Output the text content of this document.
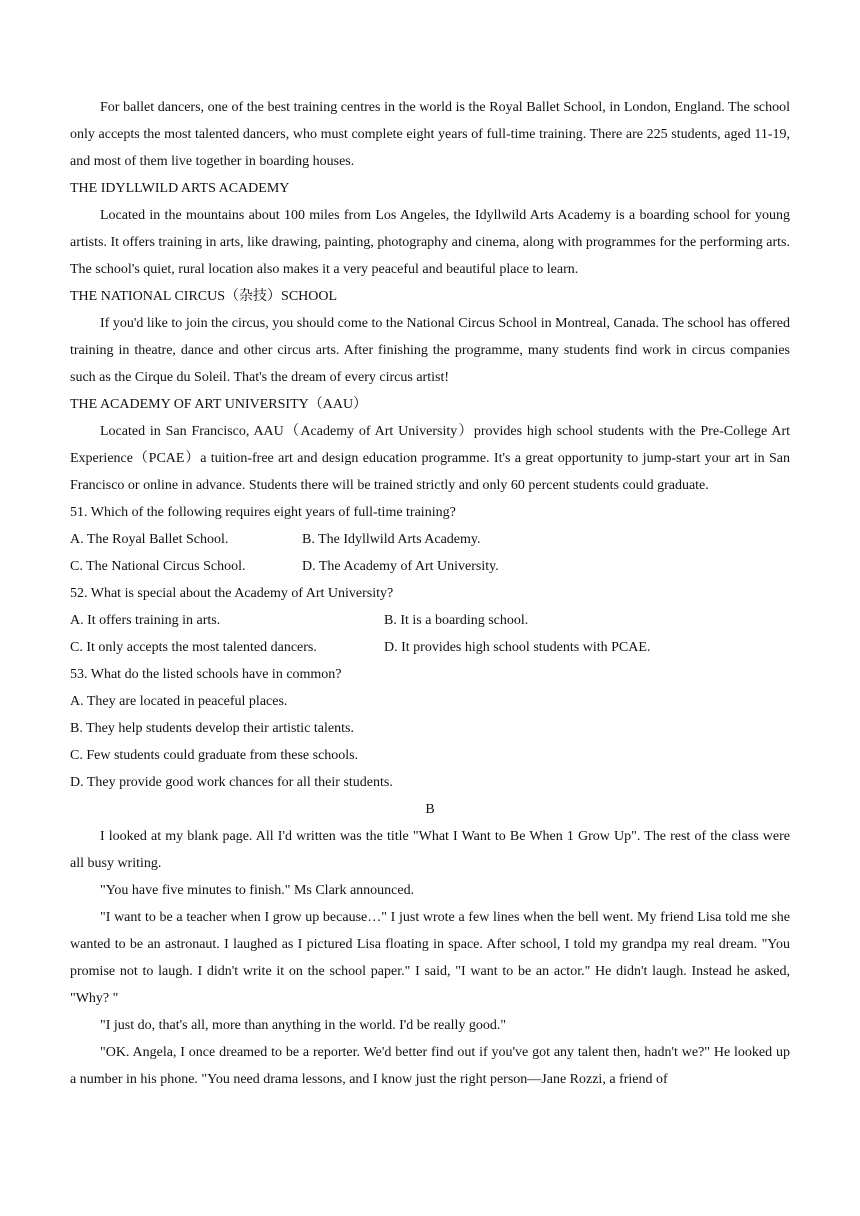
For ballet dancers, one of the best training centres in the world is the Royal Ballet School, in London, England. The school only accepts the most talented dancers, who must complete eight years of full-time training. There are 225 students, aged 11-19, and most of them live together in boarding houses.

THE IDYLLWILD ARTS ACADEMY

Located in the mountains about 100 miles from Los Angeles, the Idyllwild Arts Academy is a boarding school for young artists. It offers training in arts, like drawing, painting, photography and cinema, along with programmes for the performing arts. The school's quiet, rural location also makes it a very peaceful and beautiful place to learn.

THE NATIONAL CIRCUS（杂技）SCHOOL

If you'd like to join the circus, you should come to the National Circus School in Montreal, Canada. The school has offered training in theatre, dance and other circus arts. After finishing the programme, many students find work in circus companies such as the Cirque du Soleil. That's the dream of every circus artist!

THE ACADEMY OF ART UNIVERSITY（AAU）

Located in San Francisco, AAU（Academy of Art University）provides high school students with the Pre-College Art Experience（PCAE）a tuition-free art and design education programme. It's a great opportunity to jump-start your art in San Francisco or online in advance. Students there will be trained strictly and only 60 percent students could graduate.

51. Which of the following requires eight years of full-time training?

A. The Royal Ballet School.	B. The Idyllwild Arts Academy.
C. The National Circus School.	D. The Academy of Art University.

52. What is special about the Academy of Art University?

A. It offers training in arts.	B. It is a boarding school.
C. It only accepts the most talented dancers.	D. It provides high school students with PCAE.

53. What do the listed schools have in common?

A. They are located in peaceful places.

B. They help students develop their artistic talents.

C. Few students could graduate from these schools.

D. They provide good work chances for all their students.

B

I looked at my blank page. All I'd written was the title "What I Want to Be When 1 Grow Up". The rest of the class were all busy writing.

"You have five minutes to finish." Ms Clark announced.

"I want to be a teacher when I grow up because…" I just wrote a few lines when the bell went. My friend Lisa told me she wanted to be an astronaut. I laughed as I pictured Lisa floating in space. After school, I told my grandpa my real dream. "You promise not to laugh. I didn't write it on the school paper." I said, "I want to be an actor." He didn't laugh. Instead he asked, "Why? "

"I just do, that's all, more than anything in the world. I'd be really good."

"OK. Angela, I once dreamed to be a reporter. We'd better find out if you've got any talent then, hadn't we?" He looked up a number in his phone. "You need drama lessons, and I know just the right person—Jane Rozzi, a friend of
